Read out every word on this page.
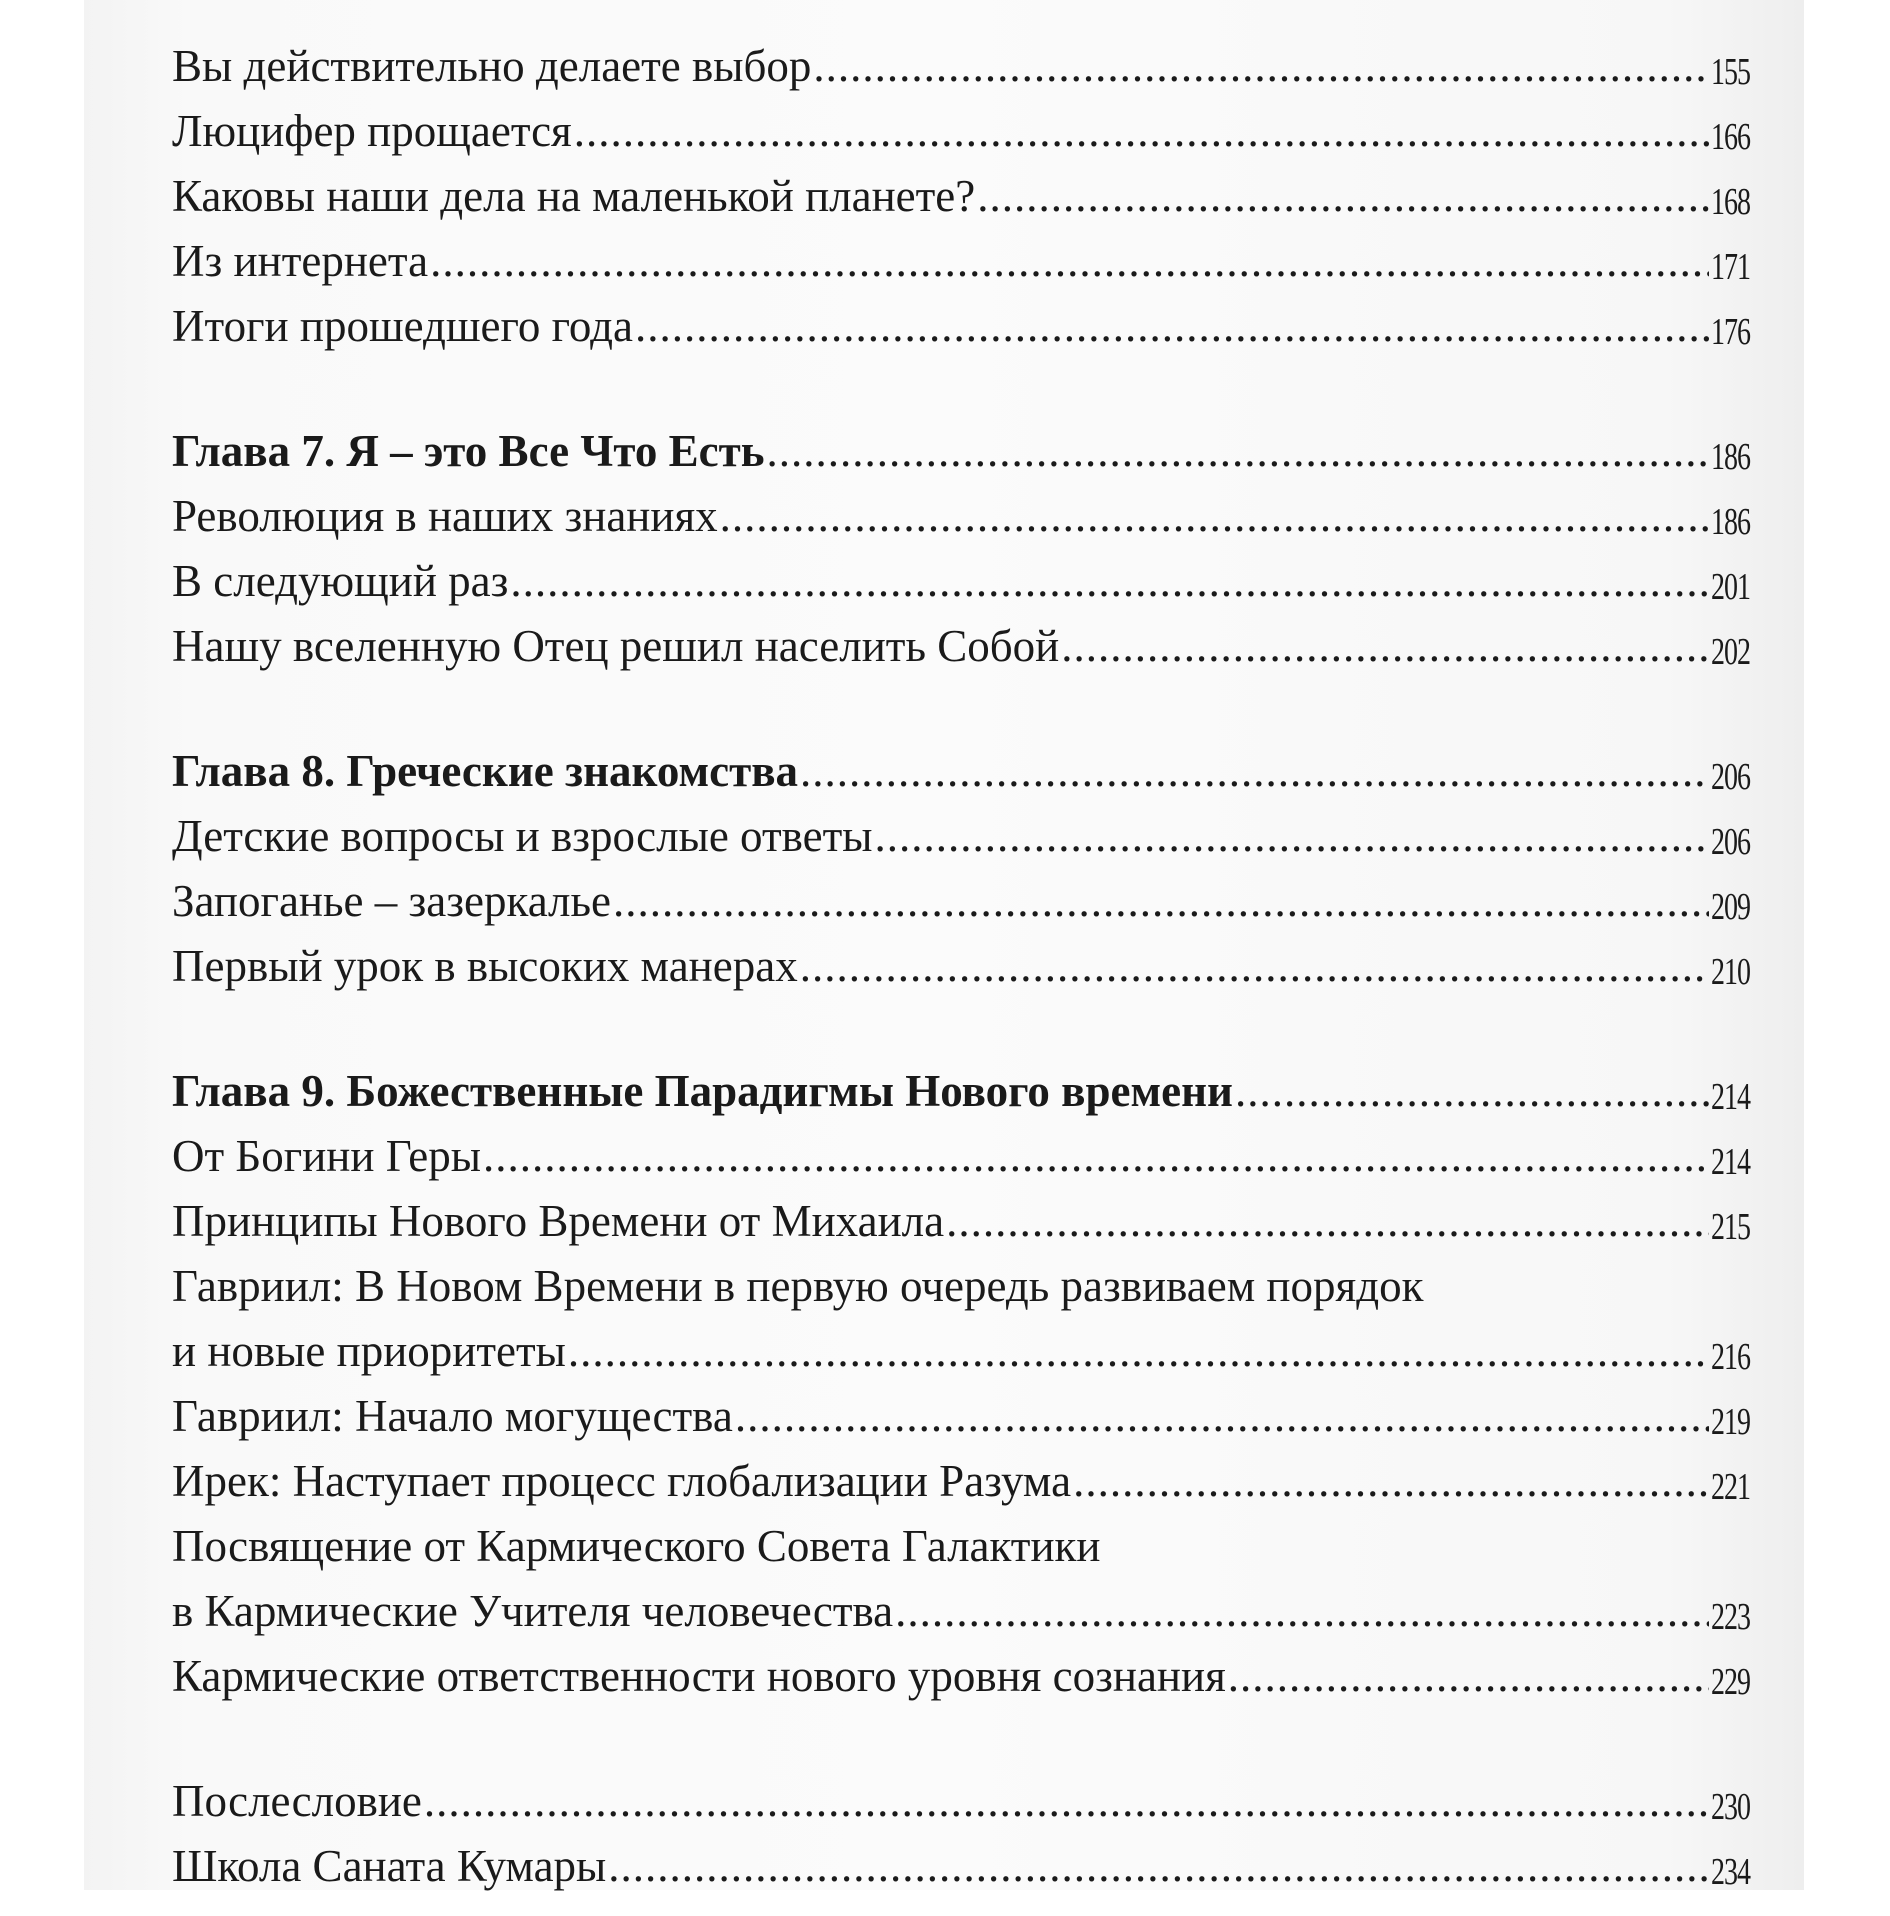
Вы действительно делаете выбор .....	155
Люцифер прощается .....	166
Каковы наши дела на маленькой планете? .....	168
Из интернета .....	171
Итоги прошедшего года .....	176
Глава 7. Я – это Все Что Есть .....	186
Революция в наших знаниях .....	186
В следующий раз .....	201
Нашу вселенную Отец решил населить Собой .....	202
Глава 8. Греческие знакомства .....	206
Детские вопросы и взрослые ответы .....	206
Запоганье – зазеркалье .....	209
Первый урок в высоких манерах .....	210
Глава 9. Божественные Парадигмы Нового времени .....	214
От Богини Геры .....	214
Принципы Нового Времени от Михаила .....	215
Гавриил: В Новом Времени в первую очередь развиваем порядок
и новые приоритеты .....	216
Гавриил: Начало могущества .....	219
Ирек: Наступает процесс глобализации Разума .....	221
Посвящение от Кармического Совета Галактики
в Кармические Учителя человечества .....	223
Кармические ответственности нового уровня сознания .....	229
Послесловие .....	230
Школа Саната Кумары .....	234
